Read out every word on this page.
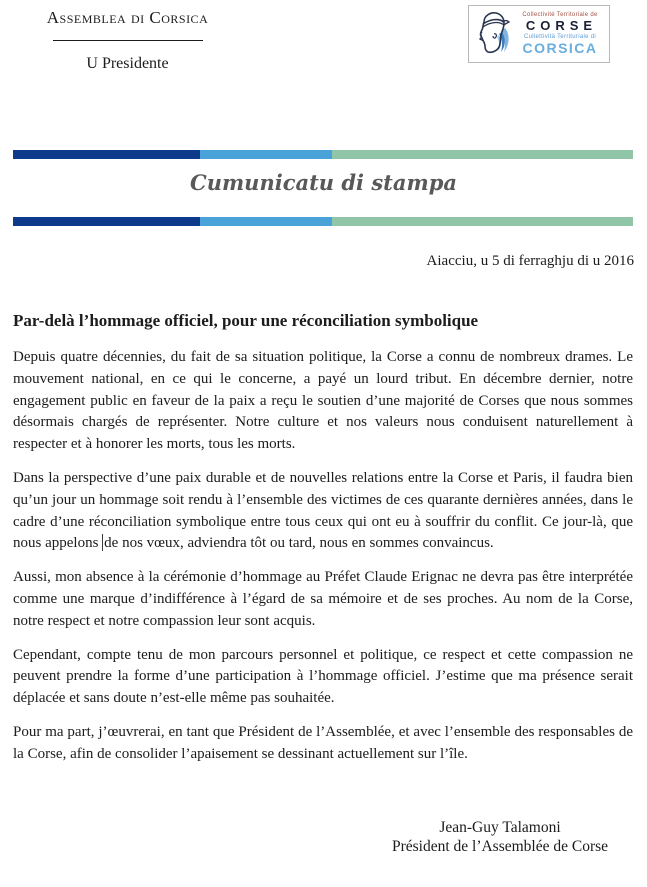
Assemblea di Corsica
U Presidente
Collectivité Territoriale de
CORSE
Cullettività Territuriale di
CORSICA
Cumunicatu di stampa
Aiacciu, u 5 di ferraghju di u 2016
Par-delà l’hommage officiel, pour une réconciliation symbolique

Depuis quatre décennies, du fait de sa situation politique, la Corse a connu de nombreux drames. Le mouvement national, en ce qui le concerne, a payé un lourd tribut. En décembre dernier, notre engagement public en faveur de la paix a reçu le soutien d’une majorité de Corses que nous sommes désormais chargés de représenter. Notre culture et nos valeurs nous conduisent naturellement à respecter et à honorer les morts, tous les morts.

Dans la perspective d’une paix durable et de nouvelles relations entre la Corse et Paris, il faudra bien qu’un jour un hommage soit rendu à l’ensemble des victimes de ces quarante dernières années, dans le cadre d’une réconciliation symbolique entre tous ceux qui ont eu à souffrir du conflit. Ce jour-là, que nous appelons de nos vœux, adviendra tôt ou tard, nous en sommes convaincus.

Aussi, mon absence à la cérémonie d’hommage au Préfet Claude Erignac ne devra pas être interprétée comme une marque d’indifférence à l’égard de sa mémoire et de ses proches. Au nom de la Corse, notre respect et notre compassion leur sont acquis.

Cependant, compte tenu de mon parcours personnel et politique, ce respect et cette compassion ne peuvent prendre la forme d’une participation à l’hommage officiel. J’estime que ma présence serait déplacée et sans doute n’est-elle même pas souhaitée.

Pour ma part, j’œuvrerai, en tant que Président de l’Assemblée, et avec l’ensemble des responsables de la Corse, afin de consolider l’apaisement se dessinant actuellement sur l’île.

Jean-Guy Talamoni
Président de l’Assemblée de Corse
